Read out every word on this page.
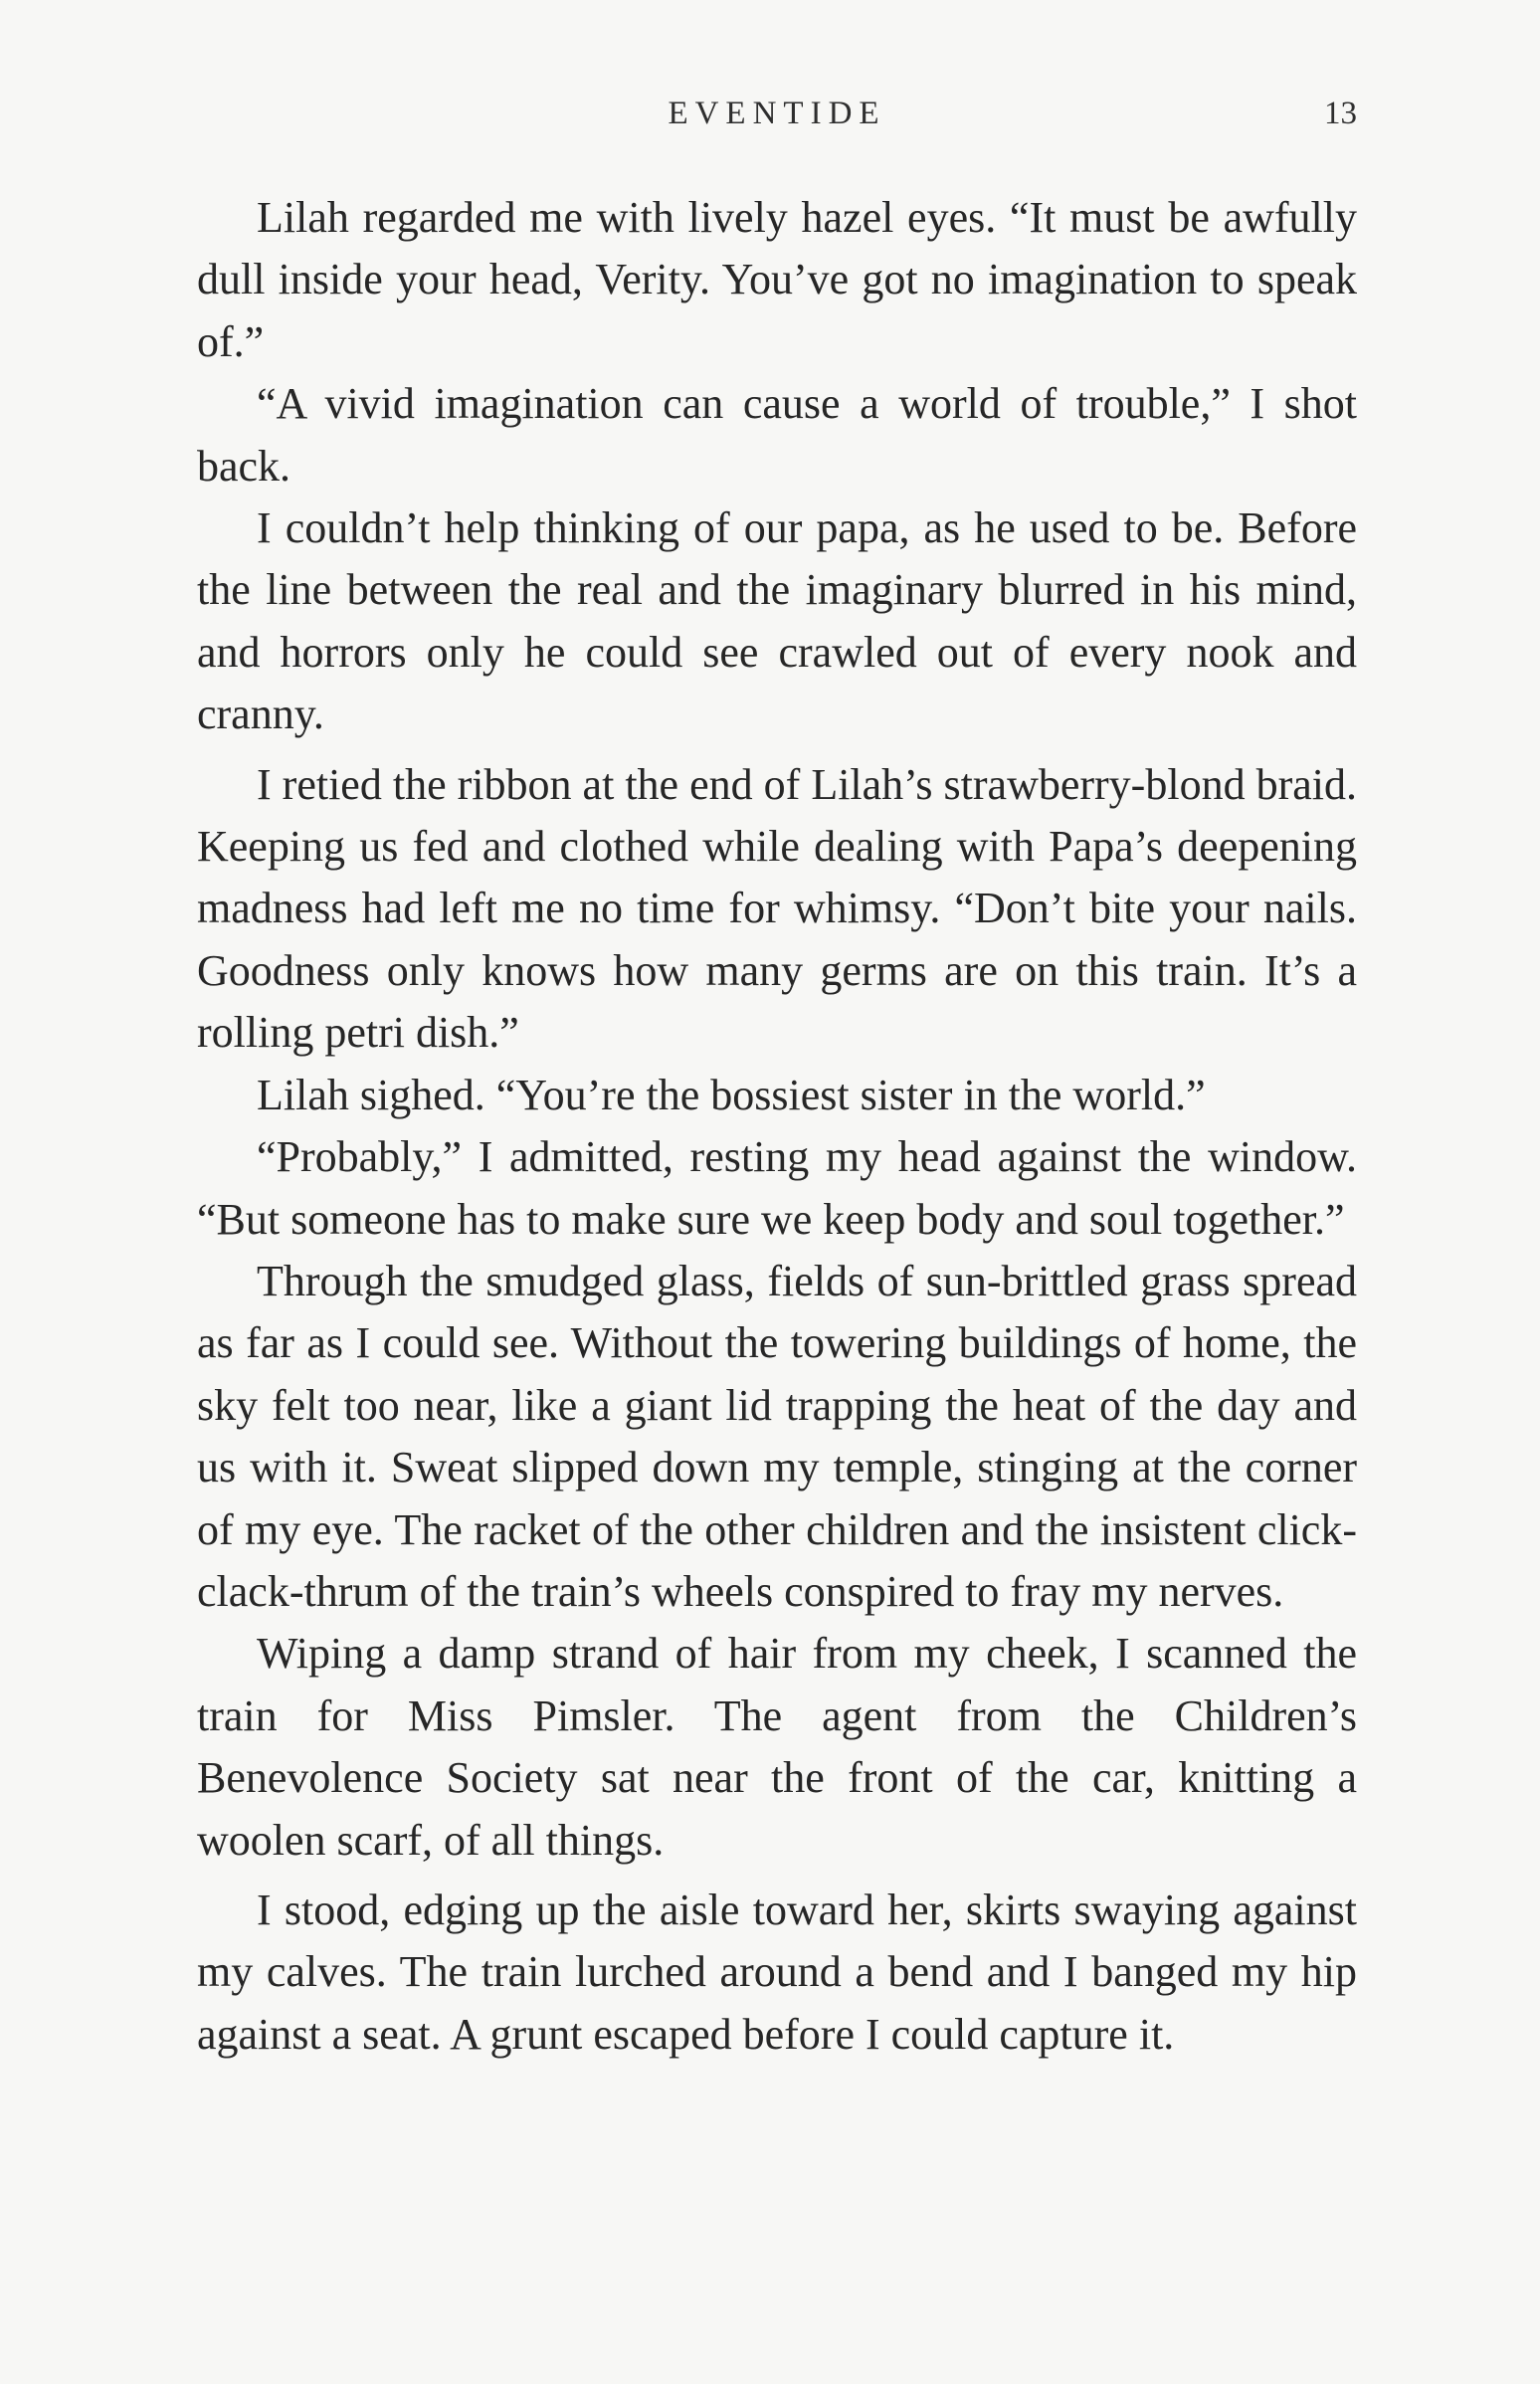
EVENTIDE	13

Lilah regarded me with lively hazel eyes. “It must be awfully dull inside your head, Verity. You’ve got no imagination to speak of.”

“A vivid imagination can cause a world of trouble,” I shot back.

I couldn’t help thinking of our papa, as he used to be. Before the line between the real and the imaginary blurred in his mind, and horrors only he could see crawled out of every nook and cranny.

I retied the ribbon at the end of Lilah’s strawberry-blond braid. Keeping us fed and clothed while dealing with Papa’s deepening madness had left me no time for whimsy. “Don’t bite your nails. Goodness only knows how many germs are on this train. It’s a rolling petri dish.”

Lilah sighed. “You’re the bossiest sister in the world.”

“Probably,” I admitted, resting my head against the window. “But someone has to make sure we keep body and soul together.”

Through the smudged glass, fields of sun-brittled grass spread as far as I could see. Without the towering buildings of home, the sky felt too near, like a giant lid trapping the heat of the day and us with it. Sweat slipped down my temple, stinging at the corner of my eye. The racket of the other children and the insistent click-clack-thrum of the train’s wheels conspired to fray my nerves.

Wiping a damp strand of hair from my cheek, I scanned the train for Miss Pimsler. The agent from the Children’s Benevolence Society sat near the front of the car, knitting a woolen scarf, of all things.

I stood, edging up the aisle toward her, skirts swaying against my calves. The train lurched around a bend and I banged my hip against a seat. A grunt escaped before I could capture it.
